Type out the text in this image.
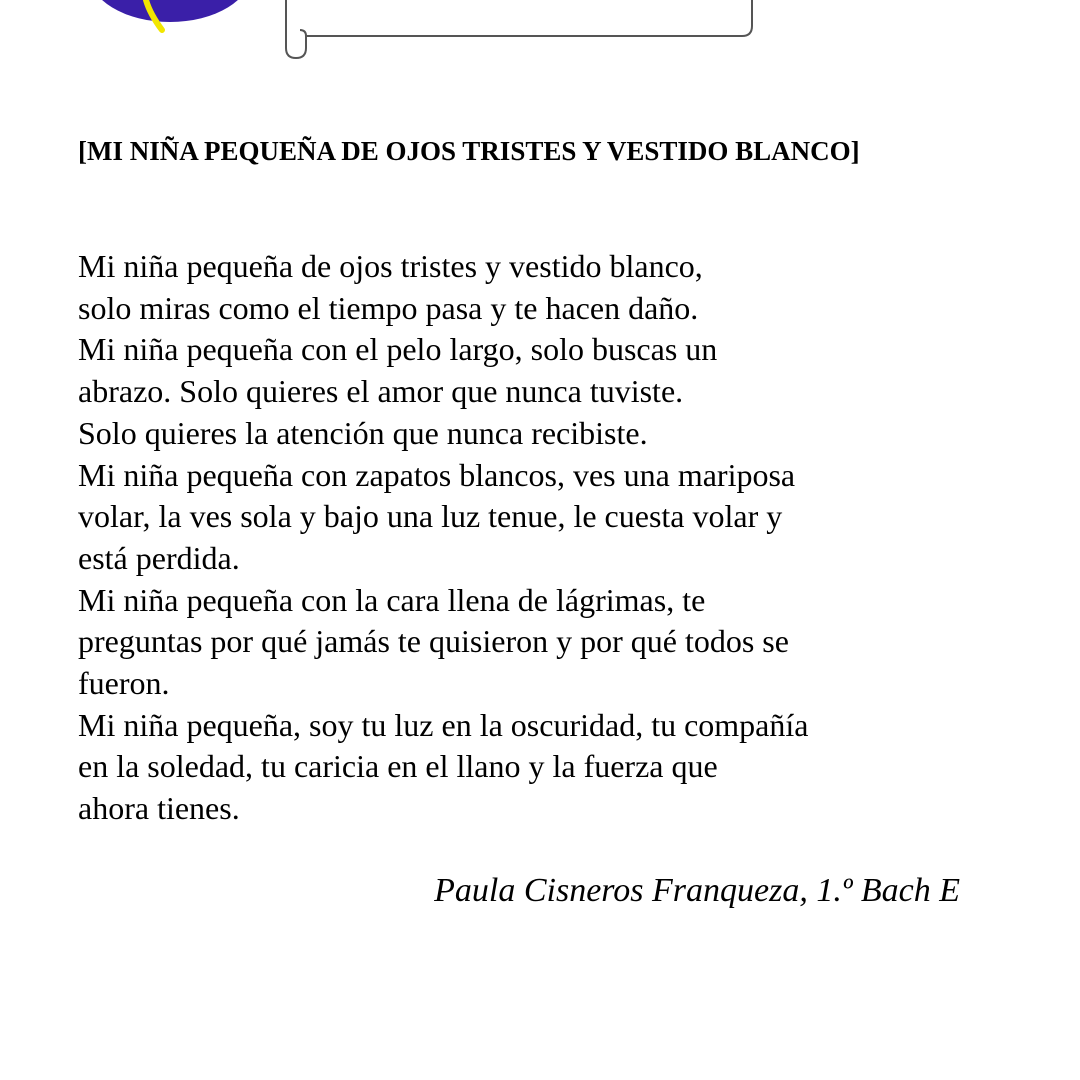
[MI NIÑA PEQUEÑA DE OJOS TRISTES Y VESTIDO BLANCO]
Mi niña pequeña de ojos tristes y vestido blanco,
solo miras como el tiempo pasa y te hacen daño.
Mi niña pequeña con el pelo largo, solo buscas un
abrazo. Solo quieres el amor que nunca tuviste.
Solo quieres la atención que nunca recibiste.
Mi niña pequeña con zapatos blancos, ves una mariposa
volar, la ves sola y bajo una luz tenue, le cuesta volar y
está perdida.
Mi niña pequeña con la cara llena de lágrimas, te
preguntas por qué jamás te quisieron y por qué todos se
fueron.
Mi niña pequeña, soy tu luz en la oscuridad, tu compañía
en la soledad, tu caricia en el llano y la fuerza que
ahora tienes.

Paula Cisneros Franqueza, 1.º Bach E
